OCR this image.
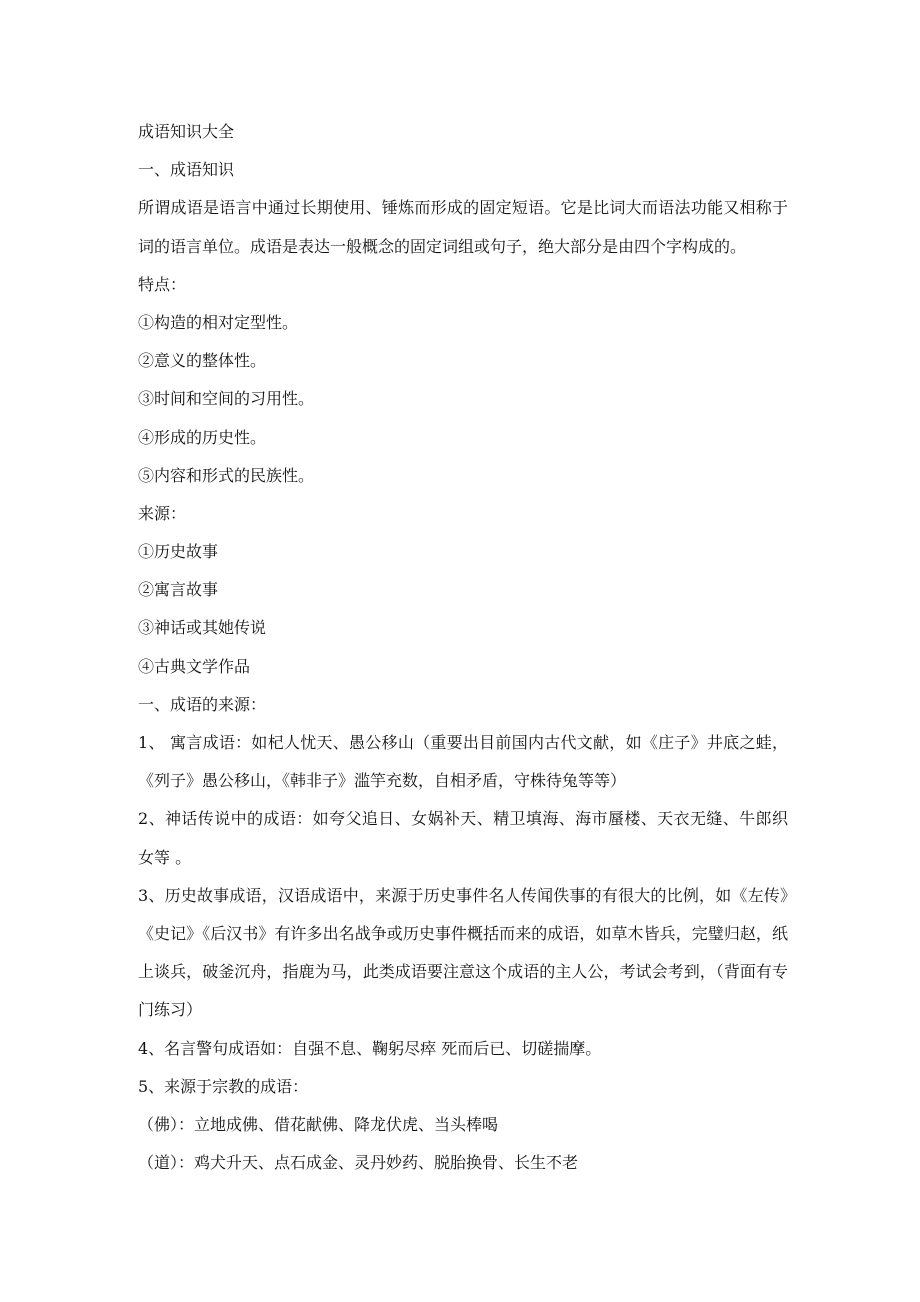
成语知识大全
一、成语知识
所谓成语是语言中通过长期使用、锤炼而形成的固定短语。它是比词大而语法功能又相称于词的语言单位。成语是表达一般概念的固定词组或句子，绝大部分是由四个字构成的。
特点：
①构造的相对定型性。
②意义的整体性。
③时间和空间的习用性。
④形成的历史性。
⑤内容和形式的民族性。
来源：
①历史故事
②寓言故事
③神话或其她传说
④古典文学作品
一、成语的来源：
1、 寓言成语：如杞人忧天、愚公移山（重要出目前国内古代文献，如《庄子》井底之蛙，《列子》愚公移山，《韩非子》滥竽充数，自相矛盾，守株待兔等等）
2、神话传说中的成语：如夸父追日、女娲补天、精卫填海、海市蜃楼、天衣无缝、牛郎织女等 。
3、历史故事成语，汉语成语中，来源于历史事件名人传闻佚事的有很大的比例，如《左传》《史记》《后汉书》有许多出名战争或历史事件概括而来的成语，如草木皆兵，完璧归赵，纸上谈兵，破釜沉舟，指鹿为马，此类成语要注意这个成语的主人公，考试会考到，（背面有专门练习）
4、名言警句成语如：自强不息、鞠躬尽瘁 死而后已、切磋揣摩。
5、来源于宗教的成语：
（佛）：立地成佛、借花献佛、降龙伏虎、当头棒喝
（道）：鸡犬升天、点石成金、灵丹妙药、脱胎换骨、长生不老
